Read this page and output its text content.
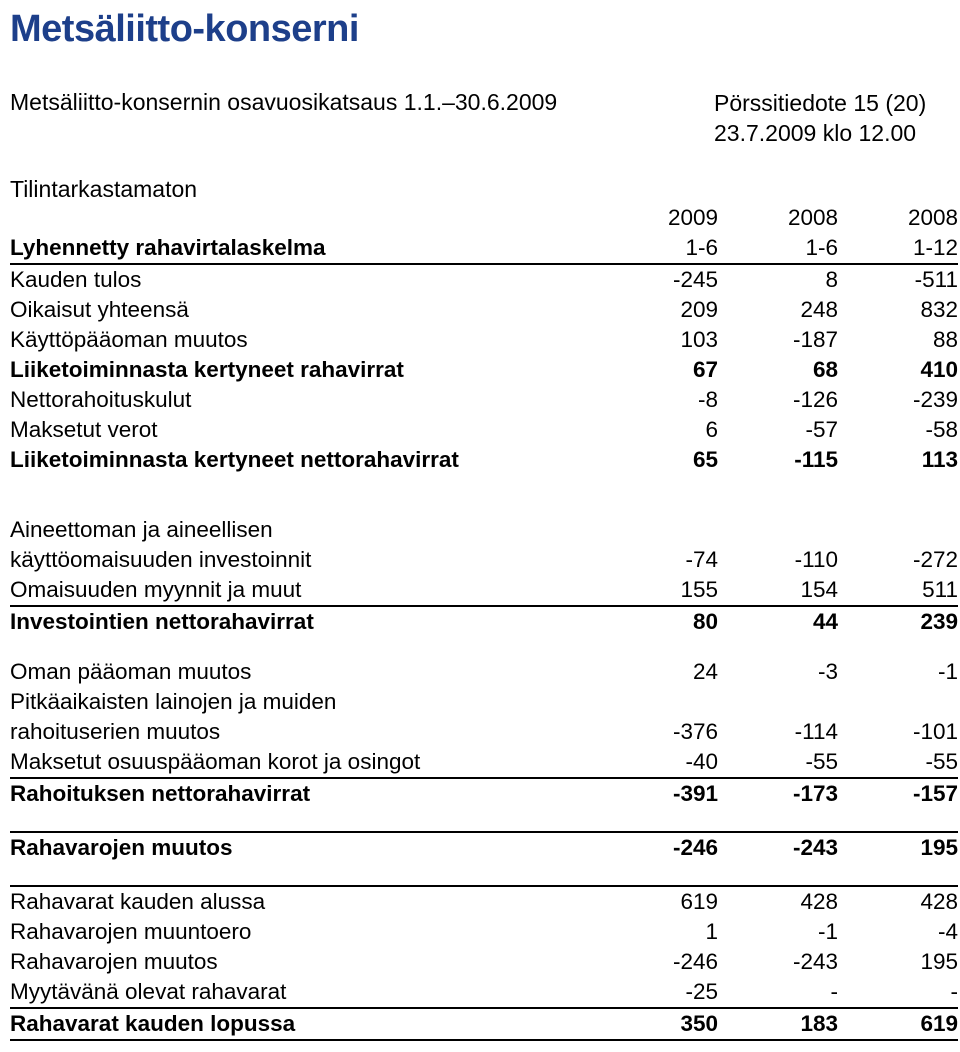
Metsäliitto-konserni
Metsäliitto-konsernin osavuosikatsaus 1.1.–30.6.2009	Pörssitiedote 15 (20)
23.7.2009 klo 12.00
Tilintarkastamaton
	2009	2008	2008
Lyhennetty rahavirtalaskelma	1-6	1-6	1-12
Kauden tulos	-245	8	-511
Oikaisut yhteensä	209	248	832
Käyttöpääoman muutos	103	-187	88
Liiketoiminnasta kertyneet rahavirrat	67	68	410
Nettorahoituskulut	-8	-126	-239
Maksetut verot	6	-57	-58
Liiketoiminnasta kertyneet nettorahavirrat	65	-115	113

Aineettoman ja aineellisen			
käyttöomaisuuden investoinnit	-74	-110	-272
Omaisuuden myynnit ja muut	155	154	511
Investointien nettorahavirrat	80	44	239

Oman pääoman muutos	24	-3	-1
Pitkäaikaisten lainojen ja muiden			
rahoituserien muutos	-376	-114	-101
Maksetut osuuspääoman korot ja osingot	-40	-55	-55
Rahoituksen nettorahavirrat	-391	-173	-157

Rahavarojen muutos	-246	-243	195

Rahavarat kauden alussa	619	428	428
Rahavarojen muuntoero	1	-1	-4
Rahavarojen muutos	-246	-243	195
Myytävänä olevat rahavarat	-25	-	-
Rahavarat kauden lopussa	350	183	619
